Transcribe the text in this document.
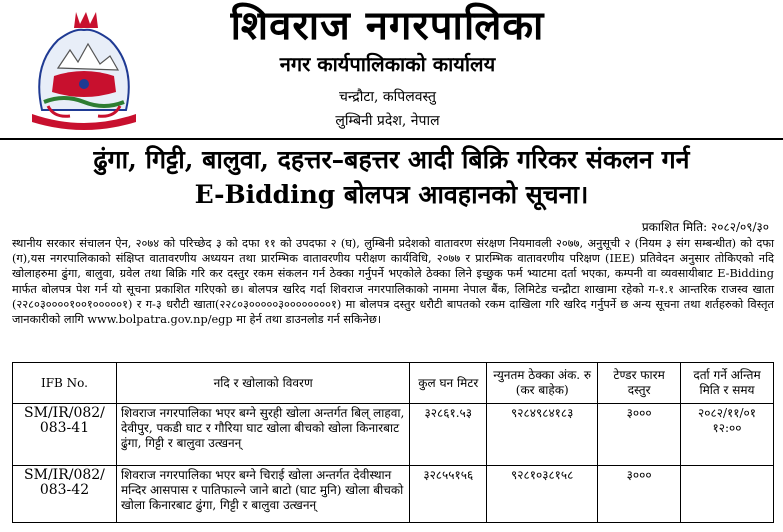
शिवराज नगरपालिका
नगर कार्यपालिकाको कार्यालय
चन्द्रौटा, कपिलवस्तु
लुम्बिनी प्रदेश, नेपाल
ढुंगा, गिट्टी, बालुवा, दहत्तर–बहत्तर आदी बिक्रि गरिकर संकलन गर्न
E-Bidding बोलपत्र आवहानको सूचना।
प्रकाशित मिति: २०८२/०९/३०
स्थानीय सरकार संचालन ऐन, २०७४ को परिच्छेद ३ को दफा ११ को उपदफा २ (घ), लुम्बिनी प्रदेशको वातावरण संरक्षण नियमावली २०७७, अनुसूची २ (नियम ३ संग सम्बन्धीत) को दफा (ग),यस नगरपालिकाको संक्षिप्त वातावरणीय अध्ययन तथा प्रारम्भिक वातावरणीय परीक्षण कार्यविधि, २०७७ र प्रारम्भिक वातावरणीय परिक्षण (IEE) प्रतिवेदन अनुसार तोकिएको नदि खोलाहरुमा ढुंगा, बालुवा, ग्रवेल तथा बिक्रि गरि कर दस्तुर रकम संकलन गर्न ठेक्का गर्नुपर्ने भएकोले ठेक्का लिने इच्छुक फर्म भ्याटमा दर्ता भएका, कम्पनी वा व्यवसायीबाट E-Bidding मार्फत बोलपत्र पेश गर्न यो सूचना प्रकाशित गरिएको छ। बोलपत्र खरिद गर्दा शिवराज नगरपालिकाको नाममा नेपाल बैंक, लिमिटेड चन्द्रौटा शाखामा रहेको ग-१.१ आन्तरिक राजस्व खाता (२२८०३००००१००१०००००१) र ग-३ धरौटी खाता(२२८०३०००००३००००००००१) मा बोलपत्र दस्तुर धरौटी बापतको रकम दाखिला गरि खरिद गर्नुपर्ने छ अन्य सूचना तथा शर्तहरुको विस्तृत जानकारीको लागि www.bolpatra.gov.np/egp मा हेर्न तथा डाउनलोड गर्न सकिनेछ।
IFB No.	नदि र खोलाको विवरण	कुल घन मिटर	न्युनतम ठेक्का अंक. रु (कर बाहेक)	टेण्डर फारम दस्तुर	दर्ता गर्ने अन्तिम मिति र समय
SM/IR/082/ 083-41	शिवराज नगरपालिका भएर बग्ने सुरही खोला अन्तर्गत बिल् लाहवा, देवीपुर, पकडी घाट र गौरिया घाट खोला बीचको खोला किनारबाट ढुंगा, गिट्टी र बालुवा उत्खनन्	३२८६१.५३	९२८४९८४१८३	३०००	२०८२/११/०१ १२:००
SM/IR/082/ 083-42	शिवराज नगरपालिका भएर बग्ने चिराई खोला अन्तर्गत देवीस्थान मन्दिर आसपास र पातिफाल्ने जाने बाटो (घाट मुनि) खोला बीचको खोला किनारबाट ढुंगा, गिट्टी र बालुवा उत्खनन्	३२८५५१५६	९२८१०३८१५८	३०००	
